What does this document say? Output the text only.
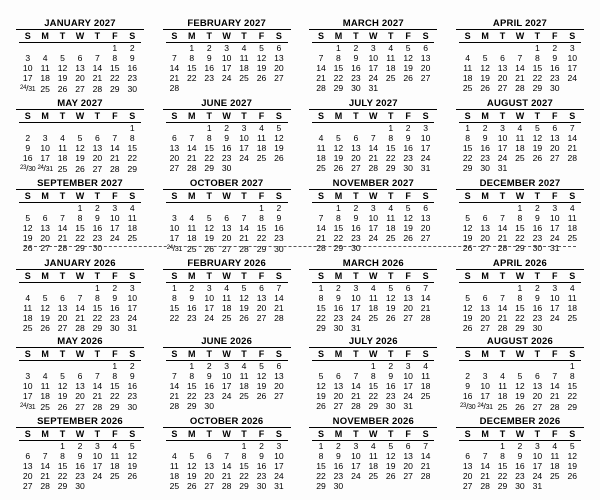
JANUARY 2027
S	M	T	W	T	F	S
					1	2
3	4	5	6	7	8	9
10	11	12	13	14	15	16
17	18	19	20	21	22	23
$^{24}$/31	25	26	27	28	29	30
FEBRUARY 2027
S	M	T	W	T	F	S
	1	2	3	4	5	6
7	8	9	10	11	12	13
14	15	16	17	18	19	20
21	22	23	24	25	26	27
28						
MARCH 2027
S	M	T	W	T	F	S
	1	2	3	4	5	6
7	8	9	10	11	12	13
14	15	16	17	18	19	20
21	22	23	24	25	26	27
28	29	30	31			
APRIL 2027
S	M	T	W	T	F	S
				1	2	3
4	5	6	7	8	9	10
11	12	13	14	15	16	17
18	19	20	21	22	23	24
25	26	27	28	29	30	
MAY 2027
S	M	T	W	T	F	S
						1
2	3	4	5	6	7	8
9	10	11	12	13	14	15
16	17	18	19	20	21	22
$^{23}$/30	$^{24}$/31	25	26	27	28	29
JUNE 2027
S	M	T	W	T	F	S
		1	2	3	4	5
6	7	8	9	10	11	12
13	14	15	16	17	18	19
20	21	22	23	24	25	26
27	28	29	30			
JULY 2027
S	M	T	W	T	F	S
				1	2	3
4	5	6	7	8	9	10
11	12	13	14	15	16	17
18	19	20	21	22	23	24
25	26	27	28	29	30	31
AUGUST 2027
S	M	T	W	T	F	S
1	2	3	4	5	6	7
8	9	10	11	12	13	14
15	16	17	18	19	20	21
22	23	24	25	26	27	28
29	30	31				
SEPTEMBER 2027
S	M	T	W	T	F	S
			1	2	3	4
5	6	7	8	9	10	11
12	13	14	15	16	17	18
19	20	21	22	23	24	25
26	27	28	29	30		
OCTOBER 2027
S	M	T	W	T	F	S
					1	2
3	4	5	6	7	8	9
10	11	12	13	14	15	16
17	18	19	20	21	22	23
$^{24}$/31	25	26	27	28	29	30
NOVEMBER 2027
S	M	T	W	T	F	S
	1	2	3	4	5	6
7	8	9	10	11	12	13
14	15	16	17	18	19	20
21	22	23	24	25	26	27
28	29	30				
DECEMBER 2027
S	M	T	W	T	F	S
			1	2	3	4
5	6	7	8	9	10	11
12	13	14	15	16	17	18
19	20	21	22	23	24	25
26	27	28	29	30	31	
JANUARY 2026
S	M	T	W	T	F	S
				1	2	3
4	5	6	7	8	9	10
11	12	13	14	15	16	17
18	19	20	21	22	23	24
25	26	27	28	29	30	31
FEBRUARY 2026
S	M	T	W	T	F	S
1	2	3	4	5	6	7
8	9	10	11	12	13	14
15	16	17	18	19	20	21
22	23	24	25	26	27	28

MARCH 2026
S	M	T	W	T	F	S
1	2	3	4	5	6	7
8	9	10	11	12	13	14
15	16	17	18	19	20	21
22	23	24	25	26	27	28
29	30	31				
APRIL 2026
S	M	T	W	T	F	S
			1	2	3	4
5	6	7	8	9	10	11
12	13	14	15	16	17	18
19	20	21	22	23	24	25
26	27	28	29	30		
MAY 2026
S	M	T	W	T	F	S
					1	2
3	4	5	6	7	8	9
10	11	12	13	14	15	16
17	18	19	20	21	22	23
$^{24}$/31	25	26	27	28	29	30
JUNE 2026
S	M	T	W	T	F	S
	1	2	3	4	5	6
7	8	9	10	11	12	13
14	15	16	17	18	19	20
21	22	23	24	25	26	27
28	29	30				
JULY 2026
S	M	T	W	T	F	S
			1	2	3	4
5	6	7	8	9	10	11
12	13	14	15	16	17	18
19	20	21	22	23	24	25
26	27	28	29	30	31	
AUGUST 2026
S	M	T	W	T	F	S
						1
2	3	4	5	6	7	8
9	10	11	12	13	14	15
16	17	18	19	20	21	22
$^{23}$/30	$^{24}$/31	25	26	27	28	29
SEPTEMBER 2026
S	M	T	W	T	F	S
		1	2	3	4	5
6	7	8	9	10	11	12
13	14	15	16	17	18	19
20	21	22	23	24	25	26
27	28	29	30			
OCTOBER 2026
S	M	T	W	T	F	S
				1	2	3
4	5	6	7	8	9	10
11	12	13	14	15	16	17
18	19	20	21	22	23	24
25	26	27	28	29	30	31
NOVEMBER 2026
S	M	T	W	T	F	S
1	2	3	4	5	6	7
8	9	10	11	12	13	14
15	16	17	18	19	20	21
22	23	24	25	26	27	28
29	30					
DECEMBER 2026
S	M	T	W	T	F	S
		1	2	3	4	5
6	7	8	9	10	11	12
13	14	15	16	17	18	19
20	21	22	23	24	25	26
27	28	29	30	31		
